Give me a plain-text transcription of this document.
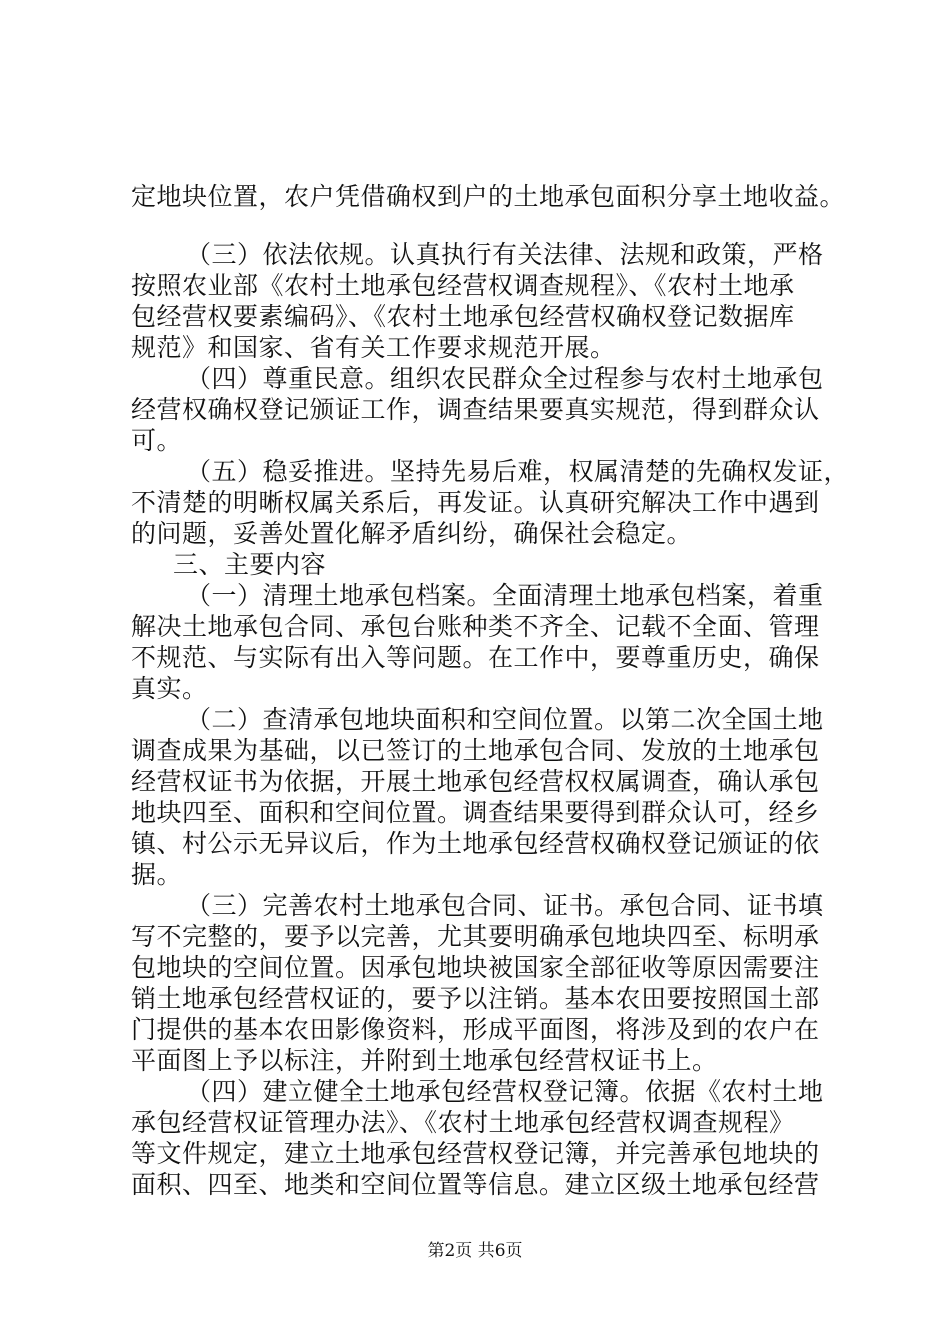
定地块位置，农户凭借确权到户的土地承包面积分享土地收益。
（三）依法依规。认真执行有关法律、法规和政策，严格
按照农业部《农村土地承包经营权调查规程》、《农村土地承
包经营权要素编码》、《农村土地承包经营权确权登记数据库
规范》和国家、省有关工作要求规范开展。
（四）尊重民意。组织农民群众全过程参与农村土地承包
经营权确权登记颁证工作，调查结果要真实规范，得到群众认
可。
（五）稳妥推进。坚持先易后难，权属清楚的先确权发证，
不清楚的明晰权属关系后，再发证。认真研究解决工作中遇到
的问题，妥善处置化解矛盾纠纷，确保社会稳定。
三、主要内容
（一）清理土地承包档案。全面清理土地承包档案，着重
解决土地承包合同、承包台账种类不齐全、记载不全面、管理
不规范、与实际有出入等问题。在工作中，要尊重历史，确保
真实。
（二）查清承包地块面积和空间位置。以第二次全国土地
调查成果为基础，以已签订的土地承包合同、发放的土地承包
经营权证书为依据，开展土地承包经营权权属调查，确认承包
地块四至、面积和空间位置。调查结果要得到群众认可，经乡
镇、村公示无异议后，作为土地承包经营权确权登记颁证的依
据。
（三）完善农村土地承包合同、证书。承包合同、证书填
写不完整的，要予以完善，尤其要明确承包地块四至、标明承
包地块的空间位置。因承包地块被国家全部征收等原因需要注
销土地承包经营权证的，要予以注销。基本农田要按照国土部
门提供的基本农田影像资料，形成平面图，将涉及到的农户在
平面图上予以标注，并附到土地承包经营权证书上。
（四）建立健全土地承包经营权登记簿。依据《农村土地
承包经营权证管理办法》、《农村土地承包经营权调查规程》
等文件规定，建立土地承包经营权登记簿，并完善承包地块的
面积、四至、地类和空间位置等信息。建立区级土地承包经营
第2页 共6页
